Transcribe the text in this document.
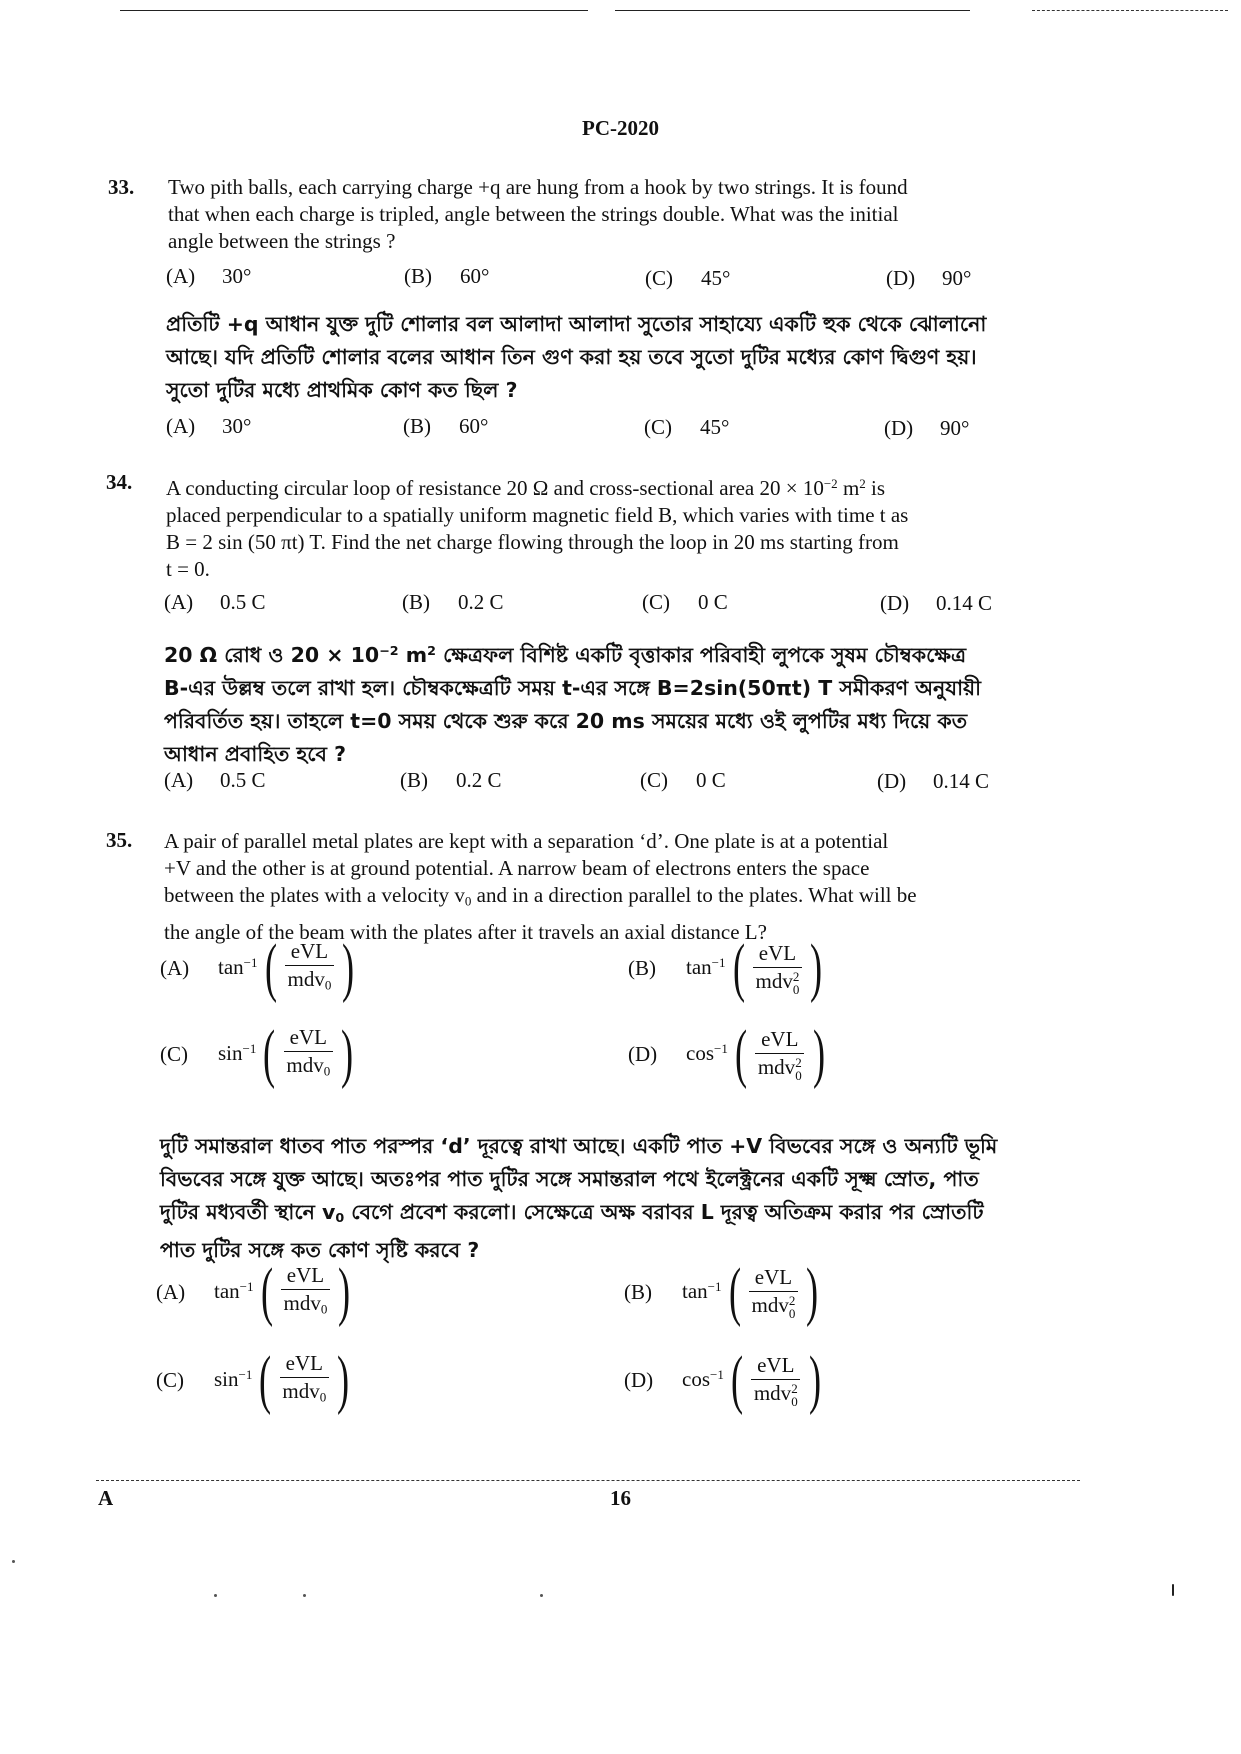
PC-2020
33. Two pith balls, each carrying charge +q are hung from a hook by two strings. It is found
that when each charge is tripled, angle between the strings double. What was the initial
angle between the strings ?
(A) 30°	(B) 60°	(C) 45°	(D) 90°
প্রতিটি +q আধান যুক্ত দুটি শোলার বল আলাদা আলাদা সুতোর সাহায্যে একটি হুক থেকে ঝোলানো
আছে। যদি প্রতিটি শোলার বলের আধান তিন গুণ করা হয় তবে সুতো দুটির মধ্যের কোণ দ্বিগুণ হয়।
সুতো দুটির মধ্যে প্রাথমিক কোণ কত ছিল ?
(A) 30°	(B) 60°	(C) 45°	(D) 90°
34. A conducting circular loop of resistance 20 Ω and cross-sectional area $20 \times 10^{-2}$ $m^2$ is
placed perpendicular to a spatially uniform magnetic field B, which varies with time t as
B = 2 sin (50 πt) T. Find the net charge flowing through the loop in 20 ms starting from
t = 0.
(A) 0.5 C	(B) 0.2 C	(C) 0 C	(D) 0.14 C
20 Ω রোধ ও $20 \times 10^{-2}$ $m^2$ ক্ষেত্রফল বিশিষ্ট একটি বৃত্তাকার পরিবাহী লুপকে সুষম চৌম্বকক্ষেত্র
B-এর উল্লম্ব তলে রাখা হল। চৌম্বকক্ষেত্রটি সময় t-এর সঙ্গে B=2sin(50πt) T সমীকরণ অনুযায়ী
পরিবর্তিত হয়। তাহলে t=0 সময় থেকে শুরু করে 20 ms সময়ের মধ্যে ওই লুপটির মধ্য দিয়ে কত
আধান প্রবাহিত হবে ?
(A) 0.5 C	(B) 0.2 C	(C) 0 C	(D) 0.14 C
35. A pair of parallel metal plates are kept with a separation ‘d’. One plate is at a potential
+V and the other is at ground potential. A narrow beam of electrons enters the space
between the plates with a velocity $v_0$ and in a direction parallel to the plates. What will be
the angle of the beam with the plates after it travels an axial distance L?
(A)	$\tan^{-1}$ ( $\frac{\text{eVL}}{mdv_0}$ )	(B)	$\tan^{-1}$ ( eVL
mdv 2
0 )
(C)	$\sin^{-1}$ ( $\frac{\text{eVL}}{mdv_0}$ )	(D)	$\cos^{-1}$ ( eVL
mdv 2
0 )
দুটি সমান্তরাল ধাতব পাত পরস্পর ‘d’ দূরত্বে রাখা আছে। একটি পাত +V বিভবের সঙ্গে ও অন্যটি ভূমি
বিভবের সঙ্গে যুক্ত আছে। অতঃপর পাত দুটির সঙ্গে সমান্তরাল পথে ইলেক্ট্রনের একটি সূক্ষ্ম স্রোত, পাত
দুটির মধ্যবর্তী স্থানে $v_0$ বেগে প্রবেশ করলো। সেক্ষেত্রে অক্ষ বরাবর L দূরত্ব অতিক্রম করার পর স্রোতটি
পাত দুটির সঙ্গে কত কোণ সৃষ্টি করবে ?
(A)	$\tan^{-1}$ ( $\frac{\text{eVL}}{mdv_0}$ )	(B)	$\tan^{-1}$ ( eVL
mdv 2
0 )
(C)	$\sin^{-1}$ ( $\frac{\text{eVL}}{mdv_0}$ )	(D)	$\cos^{-1}$ ( eVL
mdv 2
0 )
A	16
